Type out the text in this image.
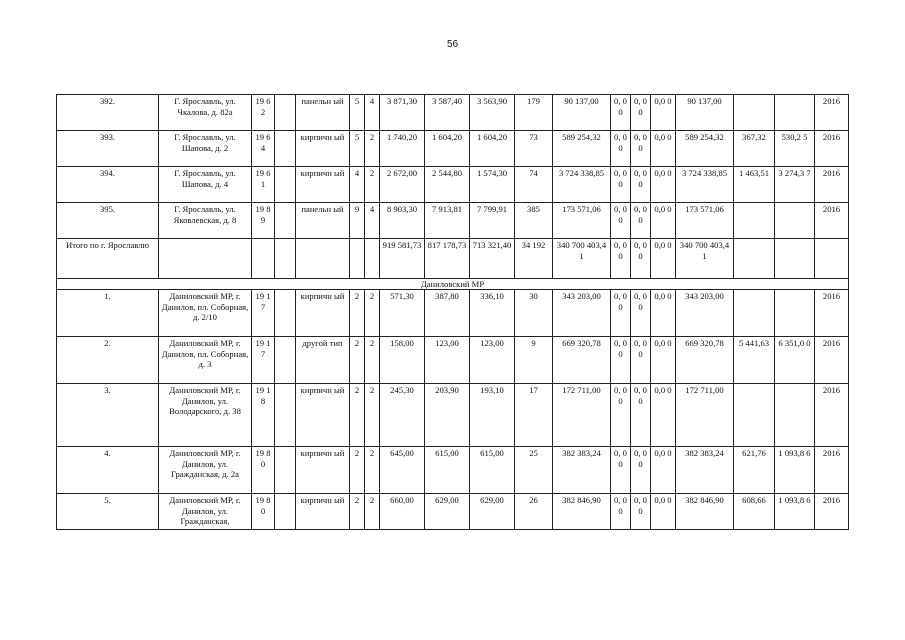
56
392.	Г. Ярославль, ул. Чкалова, д. 82а	19 62		панельн ый	5	4	3 871,30	3 587,40	3 563,90	179	90 137,00	0, 0 0	0, 0 0	0,0 0	90 137,00			2016
393.	Г. Ярославль, ул. Шапова, д. 2	19 64		кирпичн ый	5	2	1 740,20	1 604,20	1 604,20	73	589 254,32	0, 0 0	0, 0 0	0,0 0	589 254,32	367,32	530,2 5	2016
394.	Г. Ярославль, ул. Шапова, д. 4	19 61		кирпичн ый	4	2	2 672,00	2 544,80	1 574,30	74	3 724 338,85	0, 0 0	0, 0 0	0,0 0	3 724 338,85	1 463,51	3 274,3 7	2016
395.	Г. Ярославль, ул. Яковлевская, д. 8	19 89		панельн ый	9	4	8 903,30	7 913,81	7 799,91	385	173 571,06	0, 0 0	0, 0 0	0,0 0	173 571,06			2016
Итого по г. Ярославлю							919 581,73	817 178,73	713 321,40	34 192	340 700 403,41	0, 0 0	0, 0 0	0,0 0	340 700 403,41			
Даниловский МР																		
1.	Даниловский МР, г. Данилов, пл. Соборная, д. 2/10	19 17		кирпичн ый	2	2	571,30	387,80	336,10	30	343 203,00	0, 0 0	0, 0 0	0,0 0	343 203,00			2016
2.	Даниловский МР, г. Данилов, пл. Соборная, д. 3	19 17		другой тип	2	2	158,00	123,00	123,00	9	669 320,78	0, 0 0	0, 0 0	0,0 0	669 320,78	5 441,63	6 351,0 0	2016
3.	Даниловский МР, г. Данилов, ул. Володарского, д. 38	19 18		кирпичн ый	2	2	245,30	203,90	193,10	17	172 711,00	0, 0 0	0, 0 0	0,0 0	172 711,00			2016
4.	Даниловский МР, г. Данилов, ул. Гражданская, д. 2а	19 80		кирпичн ый	2	2	645,00	615,00	615,00	25	382 383,24	0, 0 0	0, 0 0	0,0 0	382 383,24	621,76	1 093,8 6	2016
5.	Даниловский МР, г. Данилов, ул. Гражданская,	19 80		кирпичн ый	2	2	660,00	629,00	629,00	26	382 846,90	0, 0 0	0, 0 0	0,0 0	382 846,90	608,66	1 093,8 6	2016
